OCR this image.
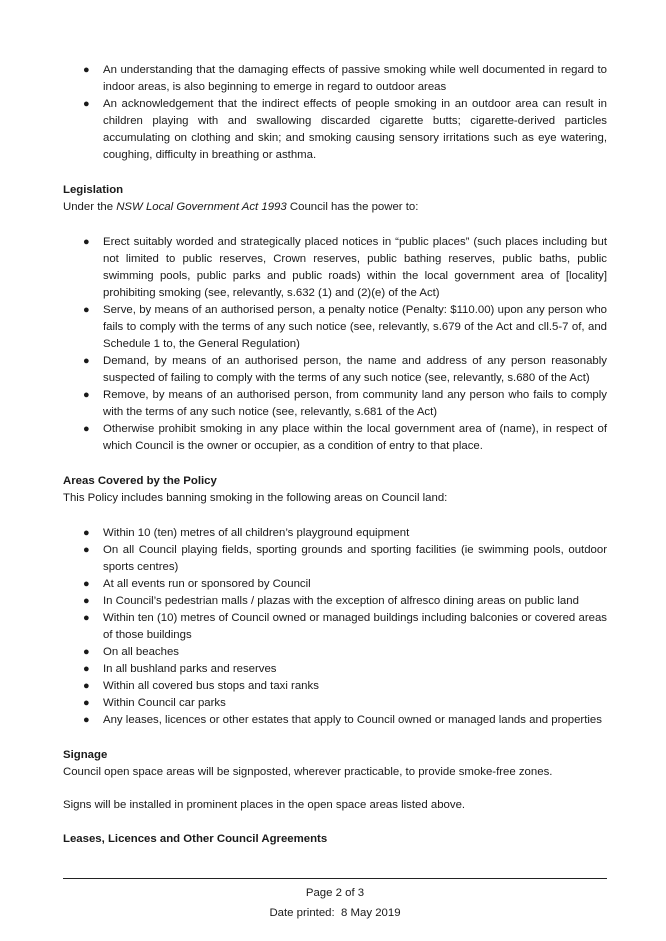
● An understanding that the damaging effects of passive smoking while well documented in regard to indoor areas, is also beginning to emerge in regard to outdoor areas
● An acknowledgement that the indirect effects of people smoking in an outdoor area can result in children playing with and swallowing discarded cigarette butts; cigarette-derived particles accumulating on clothing and skin; and smoking causing sensory irritations such as eye watering, coughing, difficulty in breathing or asthma.

Legislation

Under the NSW Local Government Act 1993 Council has the power to:

● Erect suitably worded and strategically placed notices in “public places” (such places including but not limited to public reserves, Crown reserves, public bathing reserves, public baths, public swimming pools, public parks and public roads) within the local government area of [locality] prohibiting smoking (see, relevantly, s.632 (1) and (2)(e) of the Act)
● Serve, by means of an authorised person, a penalty notice (Penalty: $110.00) upon any person who fails to comply with the terms of any such notice (see, relevantly, s.679 of the Act and cll.5-7 of, and Schedule 1 to, the General Regulation)
● Demand, by means of an authorised person, the name and address of any person reasonably suspected of failing to comply with the terms of any such notice (see, relevantly, s.680 of the Act)
● Remove, by means of an authorised person, from community land any person who fails to comply with the terms of any such notice (see, relevantly, s.681 of the Act)
● Otherwise prohibit smoking in any place within the local government area of (name), in respect of which Council is the owner or occupier, as a condition of entry to that place.

Areas Covered by the Policy

This Policy includes banning smoking in the following areas on Council land:

● Within 10 (ten) metres of all children’s playground equipment
● On all Council playing fields, sporting grounds and sporting facilities (ie swimming pools, outdoor sports centres)
● At all events run or sponsored by Council
● In Council’s pedestrian malls / plazas with the exception of alfresco dining areas on public land
● Within ten (10) metres of Council owned or managed buildings including balconies or covered areas of those buildings
● On all beaches
● In all bushland parks and reserves
● Within all covered bus stops and taxi ranks
● Within Council car parks
● Any leases, licences or other estates that apply to Council owned or managed lands and properties

Signage

Council open space areas will be signposted, wherever practicable, to provide smoke-free zones.

Signs will be installed in prominent places in the open space areas listed above.

Leases, Licences and Other Council Agreements

Page 2 of 3
Date printed: 8 May 2019
